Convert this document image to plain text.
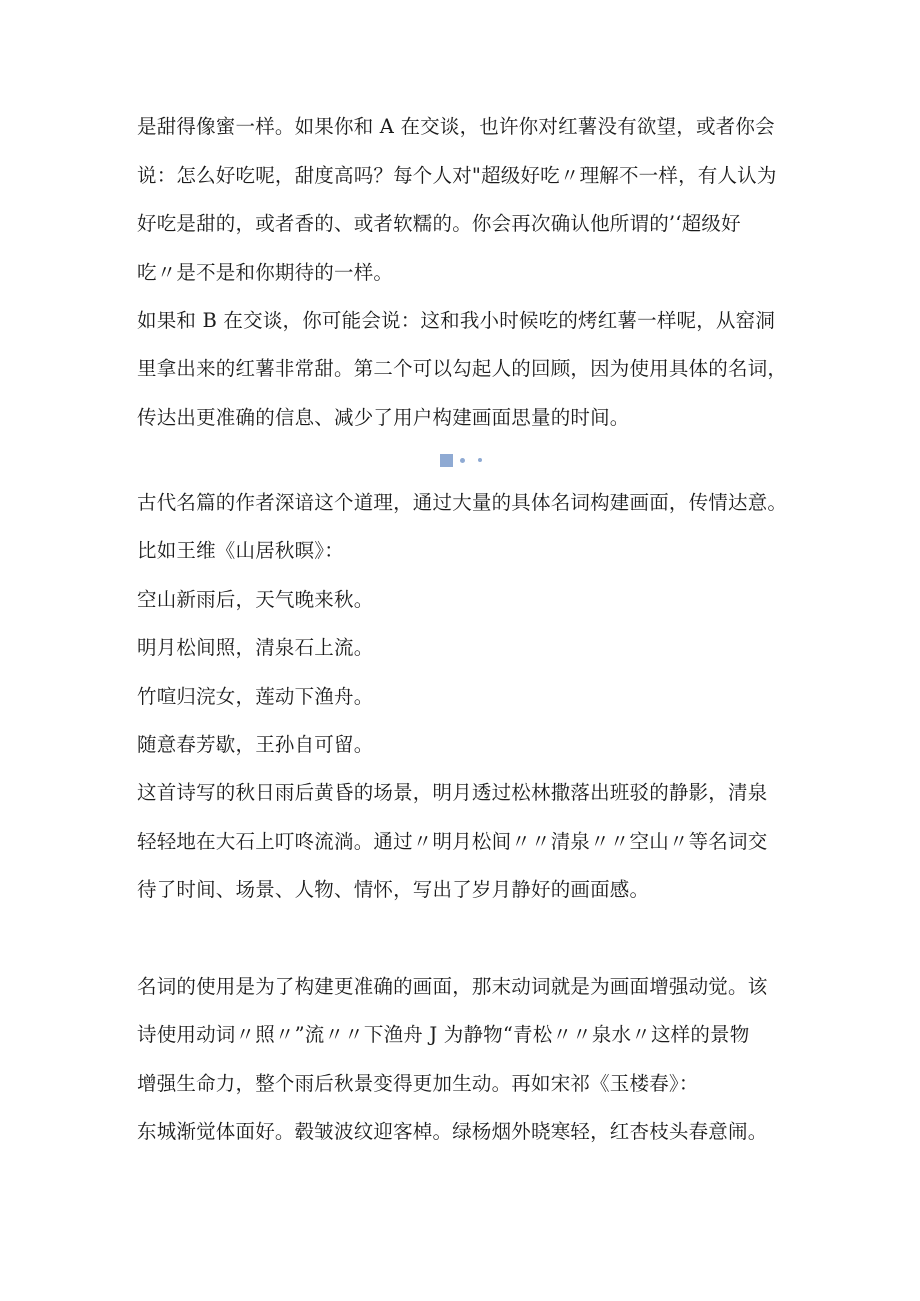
是甜得像蜜一样。如果你和 A 在交谈，也许你对红薯没有欲望，或者你会
说：怎么好吃呢，甜度高吗？每个人对"超级好吃〃理解不一样，有人认为
好吃是甜的，或者香的、或者软糯的。你会再次确认他所谓的’‘超级好
吃〃是不是和你期待的一样。
如果和 B 在交谈，你可能会说：这和我小时候吃的烤红薯一样呢，从窑洞
里拿出来的红薯非常甜。第二个可以勾起人的回顾，因为使用具体的名词，
传达出更准确的信息、减少了用户构建画面思量的时间。
古代名篇的作者深谙这个道理，通过大量的具体名词构建画面，传情达意。
比如王维《山居秋暝》：
空山新雨后，天气晚来秋。
明月松间照，清泉石上流。
竹喧归浣女，莲动下渔舟。
随意春芳歇，王孙自可留。
这首诗写的秋日雨后黄昏的场景，明月透过松林撒落出班驳的静影，清泉
轻轻地在大石上叮咚流淌。通过〃明月松间〃〃清泉〃〃空山〃等名词交
待了时间、场景、人物、情怀，写出了岁月静好的画面感。
名词的使用是为了构建更准确的画面，那末动词就是为画面增强动觉。该
诗使用动词〃照〃”流〃〃下渔舟 J 为静物“青松〃〃泉水〃这样的景物
增强生命力，整个雨后秋景变得更加生动。再如宋祁《玉楼春》：
东城渐觉体面好。毂皱波纹迎客棹。绿杨烟外晓寒轻，红杏枝头春意闹。
